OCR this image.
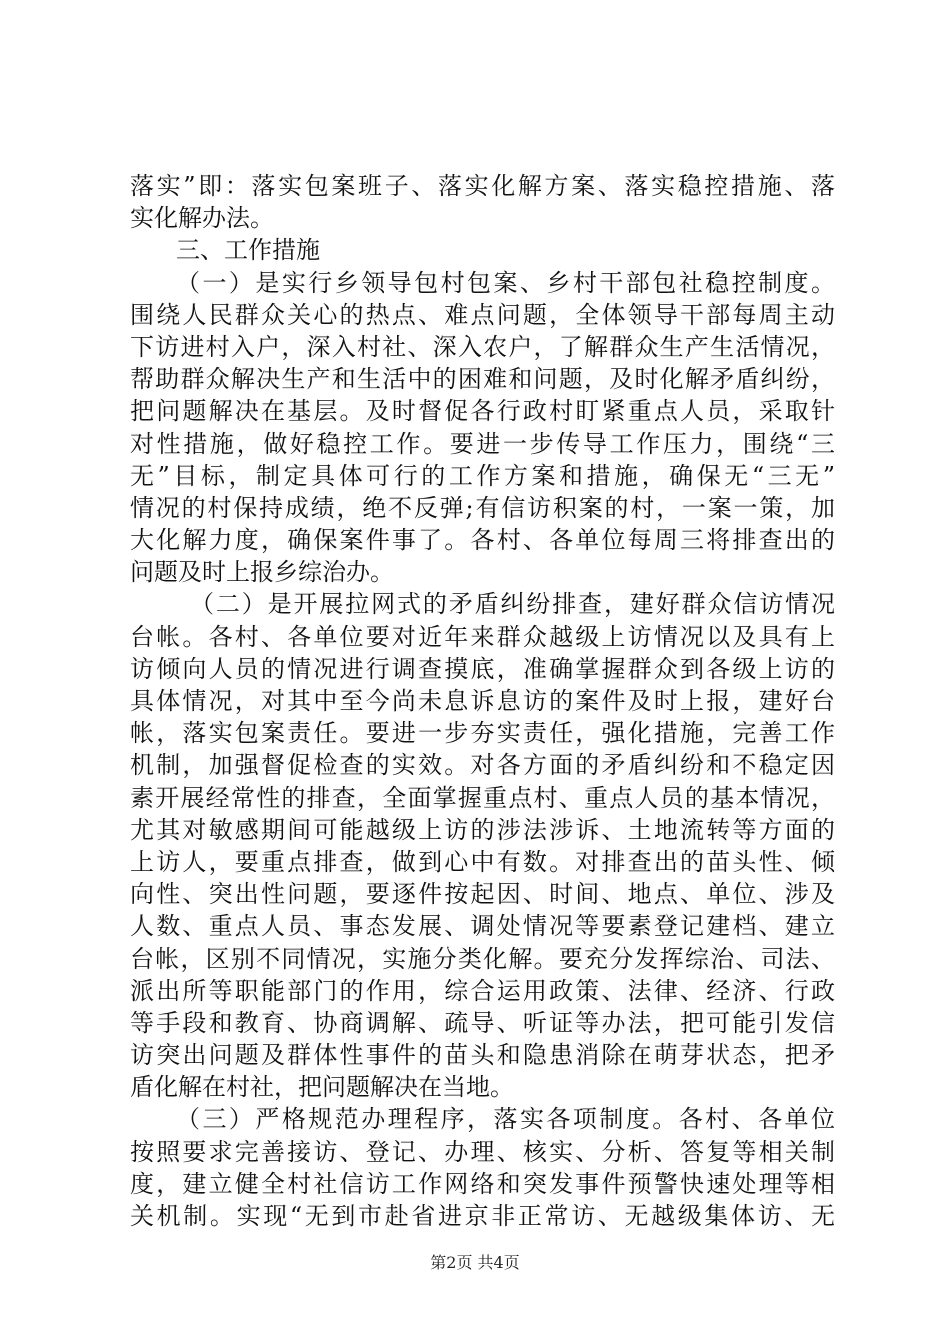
落实”即：落实包案班子、落实化解方案、落实稳控措施、落
实化解办法。
三、工作措施
（一）是实行乡领导包村包案、乡村干部包社稳控制度。
围绕人民群众关心的热点、难点问题，全体领导干部每周主动
下访进村入户，深入村社、深入农户，了解群众生产生活情况，
帮助群众解决生产和生活中的困难和问题，及时化解矛盾纠纷，
把问题解决在基层。及时督促各行政村盯紧重点人员，采取针
对性措施，做好稳控工作。要进一步传导工作压力，围绕“三
无”目标，制定具体可行的工作方案和措施，确保无“三无”
情况的村保持成绩，绝不反弹;有信访积案的村，一案一策，加
大化解力度，确保案件事了。各村、各单位每周三将排查出的
问题及时上报乡综治办。
（二）是开展拉网式的矛盾纠纷排查，建好群众信访情况
台帐。各村、各单位要对近年来群众越级上访情况以及具有上
访倾向人员的情况进行调查摸底，准确掌握群众到各级上访的
具体情况，对其中至今尚未息诉息访的案件及时上报，建好台
帐，落实包案责任。要进一步夯实责任，强化措施，完善工作
机制，加强督促检查的实效。对各方面的矛盾纠纷和不稳定因
素开展经常性的排查，全面掌握重点村、重点人员的基本情况，
尤其对敏感期间可能越级上访的涉法涉诉、土地流转等方面的
上访人，要重点排查，做到心中有数。对排查出的苗头性、倾
向性、突出性问题，要逐件按起因、时间、地点、单位、涉及
人数、重点人员、事态发展、调处情况等要素登记建档、建立
台帐，区别不同情况，实施分类化解。要充分发挥综治、司法、
派出所等职能部门的作用，综合运用政策、法律、经济、行政
等手段和教育、协商调解、疏导、听证等办法，把可能引发信
访突出问题及群体性事件的苗头和隐患消除在萌芽状态，把矛
盾化解在村社，把问题解决在当地。
（三）严格规范办理程序，落实各项制度。各村、各单位
按照要求完善接访、登记、办理、核实、分析、答复等相关制
度，建立健全村社信访工作网络和突发事件预警快速处理等相
关机制。实现“无到市赴省进京非正常访、无越级集体访、无
第2页 共4页
